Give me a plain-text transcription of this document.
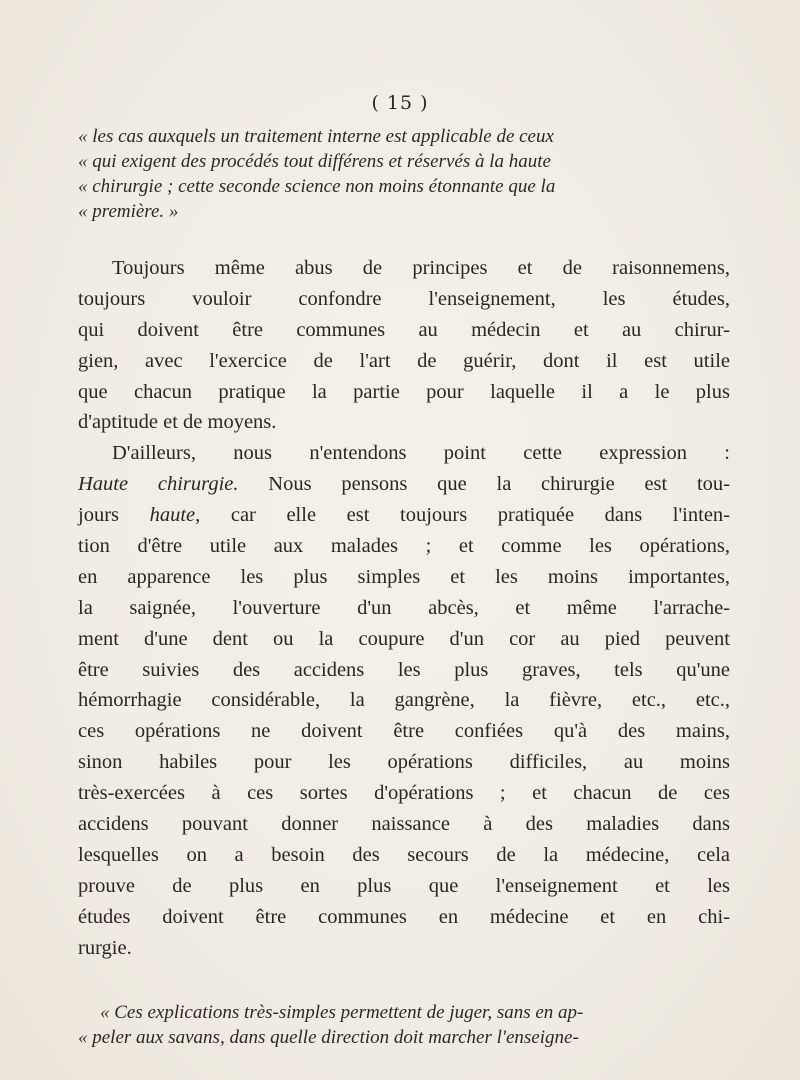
( 15 )
« les cas auxquels un traitement interne est applicable de ceux
« qui exigent des procédés tout différens et réservés à la haute
« chirurgie ; cette seconde science non moins étonnante que la
« première. »
Toujours même abus de principes et de raisonnemens,
toujours vouloir confondre l'enseignement, les études,
qui doivent être communes au médecin et au chirur-
gien, avec l'exercice de l'art de guérir, dont il est utile
que chacun pratique la partie pour laquelle il a le plus
d'aptitude et de moyens.
D'ailleurs, nous n'entendons point cette expression :
Haute chirurgie. Nous pensons que la chirurgie est tou-
jours haute, car elle est toujours pratiquée dans l'inten-
tion d'être utile aux malades ; et comme les opérations,
en apparence les plus simples et les moins importantes,
la saignée, l'ouverture d'un abcès, et même l'arrache-
ment d'une dent ou la coupure d'un cor au pied peuvent
être suivies des accidens les plus graves, tels qu'une
hémorrhagie considérable, la gangrène, la fièvre, etc., etc.,
ces opérations ne doivent être confiées qu'à des mains,
sinon habiles pour les opérations difficiles, au moins
très-exercées à ces sortes d'opérations ; et chacun de ces
accidens pouvant donner naissance à des maladies dans
lesquelles on a besoin des secours de la médecine, cela
prouve de plus en plus que l'enseignement et les
études doivent être communes en médecine et en chi-
rurgie.
« Ces explications très-simples permettent de juger, sans en ap-
« peler aux savans, dans quelle direction doit marcher l'enseigne-
